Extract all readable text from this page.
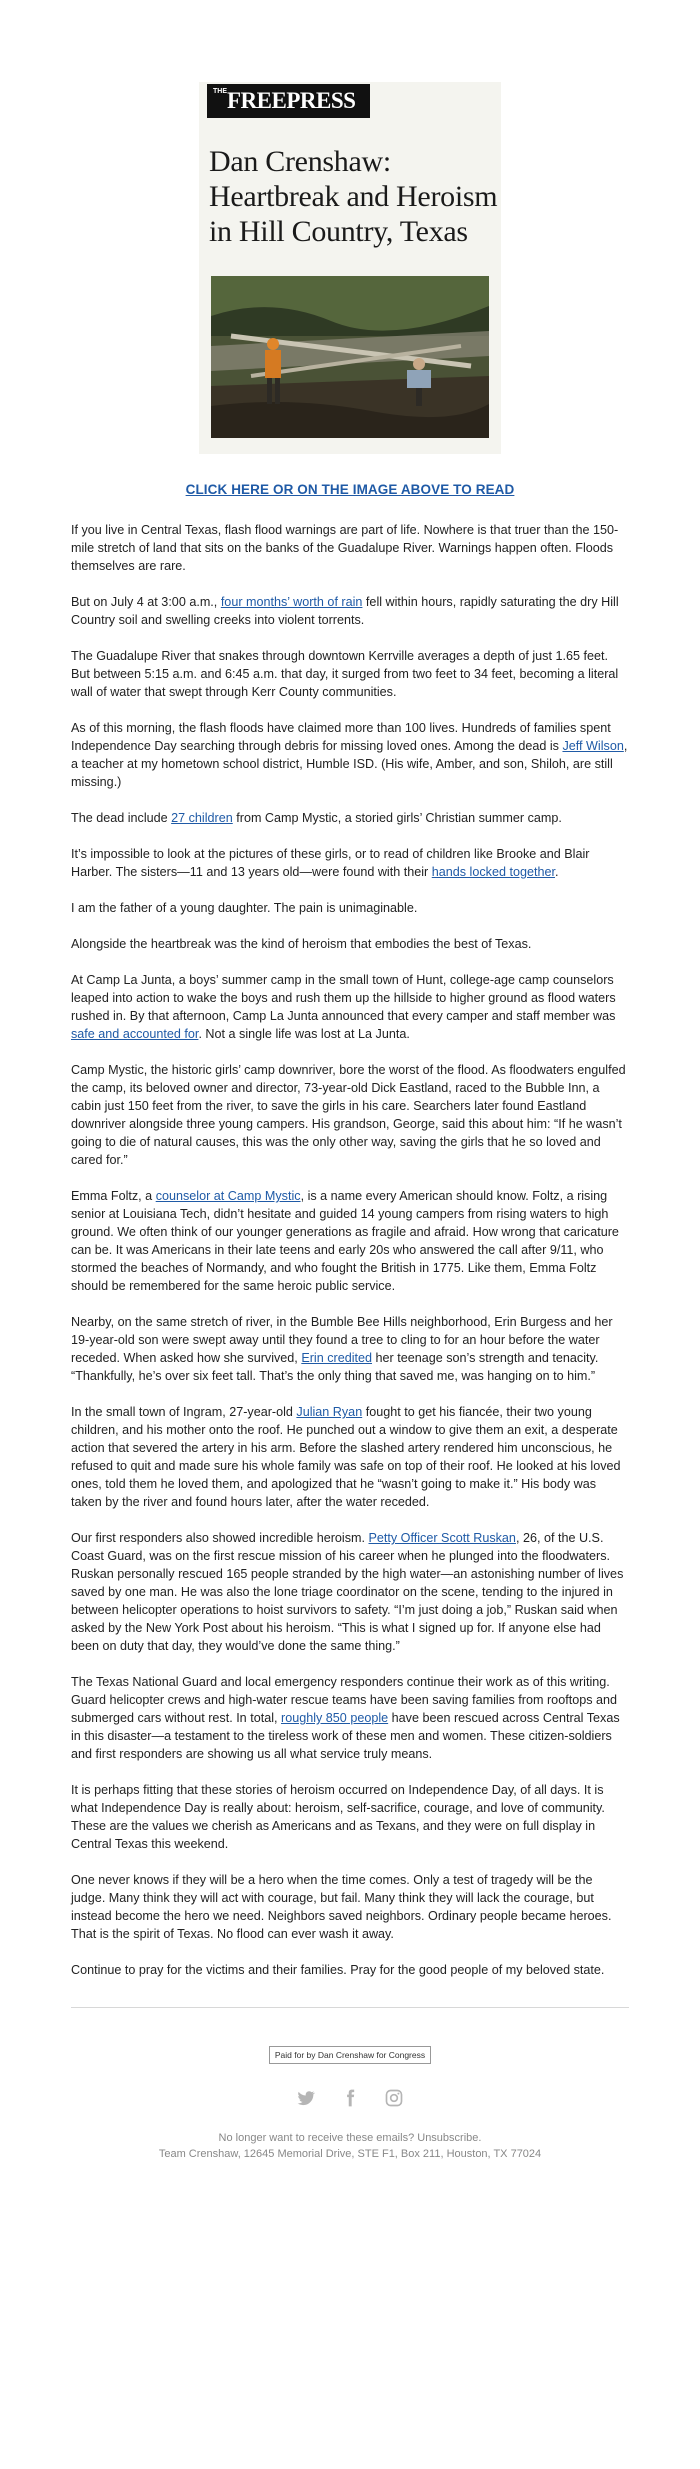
THE FREEPRESS
Dan Crenshaw:
Heartbreak and Heroism
in Hill Country, Texas
CLICK HERE OR ON THE IMAGE ABOVE TO READ

If you live in Central Texas, flash flood warnings are part of life. Nowhere is that truer than the 150-mile stretch of land that sits on the banks of the Guadalupe River. Warnings happen often. Floods themselves are rare.

But on July 4 at 3:00 a.m., four months’ worth of rain fell within hours, rapidly saturating the dry Hill Country soil and swelling creeks into violent torrents.

The Guadalupe River that snakes through downtown Kerrville averages a depth of just 1.65 feet. But between 5:15 a.m. and 6:45 a.m. that day, it surged from two feet to 34 feet, becoming a literal wall of water that swept through Kerr County communities.

As of this morning, the flash floods have claimed more than 100 lives. Hundreds of families spent Independence Day searching through debris for missing loved ones. Among the dead is Jeff Wilson, a teacher at my hometown school district, Humble ISD. (His wife, Amber, and son, Shiloh, are still missing.)

The dead include 27 children from Camp Mystic, a storied girls’ Christian summer camp.

It’s impossible to look at the pictures of these girls, or to read of children like Brooke and Blair Harber. The sisters—11 and 13 years old—were found with their hands locked together.

I am the father of a young daughter. The pain is unimaginable.

Alongside the heartbreak was the kind of heroism that embodies the best of Texas.

At Camp La Junta, a boys’ summer camp in the small town of Hunt, college-age camp counselors leaped into action to wake the boys and rush them up the hillside to higher ground as flood waters rushed in. By that afternoon, Camp La Junta announced that every camper and staff member was safe and accounted for. Not a single life was lost at La Junta.

Camp Mystic, the historic girls’ camp downriver, bore the worst of the flood. As floodwaters engulfed the camp, its beloved owner and director, 73-year-old Dick Eastland, raced to the Bubble Inn, a cabin just 150 feet from the river, to save the girls in his care. Searchers later found Eastland downriver alongside three young campers. His grandson, George, said this about him: “If he wasn’t going to die of natural causes, this was the only other way, saving the girls that he so loved and cared for.”

Emma Foltz, a counselor at Camp Mystic, is a name every American should know. Foltz, a rising senior at Louisiana Tech, didn’t hesitate and guided 14 young campers from rising waters to high ground. We often think of our younger generations as fragile and afraid. How wrong that caricature can be. It was Americans in their late teens and early 20s who answered the call after 9/11, who stormed the beaches of Normandy, and who fought the British in 1775. Like them, Emma Foltz should be remembered for the same heroic public service.

Nearby, on the same stretch of river, in the Bumble Bee Hills neighborhood, Erin Burgess and her 19-year-old son were swept away until they found a tree to cling to for an hour before the water receded. When asked how she survived, Erin credited her teenage son’s strength and tenacity. “Thankfully, he’s over six feet tall. That’s the only thing that saved me, was hanging on to him.”

In the small town of Ingram, 27-year-old Julian Ryan fought to get his fiancée, their two young children, and his mother onto the roof. He punched out a window to give them an exit, a desperate action that severed the artery in his arm. Before the slashed artery rendered him unconscious, he refused to quit and made sure his whole family was safe on top of their roof. He looked at his loved ones, told them he loved them, and apologized that he “wasn’t going to make it.” His body was taken by the river and found hours later, after the water receded.

Our first responders also showed incredible heroism. Petty Officer Scott Ruskan, 26, of the U.S. Coast Guard, was on the first rescue mission of his career when he plunged into the floodwaters. Ruskan personally rescued 165 people stranded by the high water—an astonishing number of lives saved by one man. He was also the lone triage coordinator on the scene, tending to the injured in between helicopter operations to hoist survivors to safety. “I’m just doing a job,” Ruskan said when asked by the New York Post about his heroism. “This is what I signed up for. If anyone else had been on duty that day, they would’ve done the same thing.”

The Texas National Guard and local emergency responders continue their work as of this writing. Guard helicopter crews and high-water rescue teams have been saving families from rooftops and submerged cars without rest. In total, roughly 850 people have been rescued across Central Texas in this disaster—a testament to the tireless work of these men and women. These citizen-soldiers and first responders are showing us all what service truly means.

It is perhaps fitting that these stories of heroism occurred on Independence Day, of all days. It is what Independence Day is really about: heroism, self-sacrifice, courage, and love of community. These are the values we cherish as Americans and as Texans, and they were on full display in Central Texas this weekend.

One never knows if they will be a hero when the time comes. Only a test of tragedy will be the judge. Many think they will act with courage, but fail. Many think they will lack the courage, but instead become the hero we need. Neighbors saved neighbors. Ordinary people became heroes. That is the spirit of Texas. No flood can ever wash it away.

Continue to pray for the victims and their families. Pray for the good people of my beloved state.

Paid for by Dan Crenshaw for Congress
No longer want to receive these emails? Unsubscribe.
Team Crenshaw, 12645 Memorial Drive, STE F1, Box 211, Houston, TX 77024
